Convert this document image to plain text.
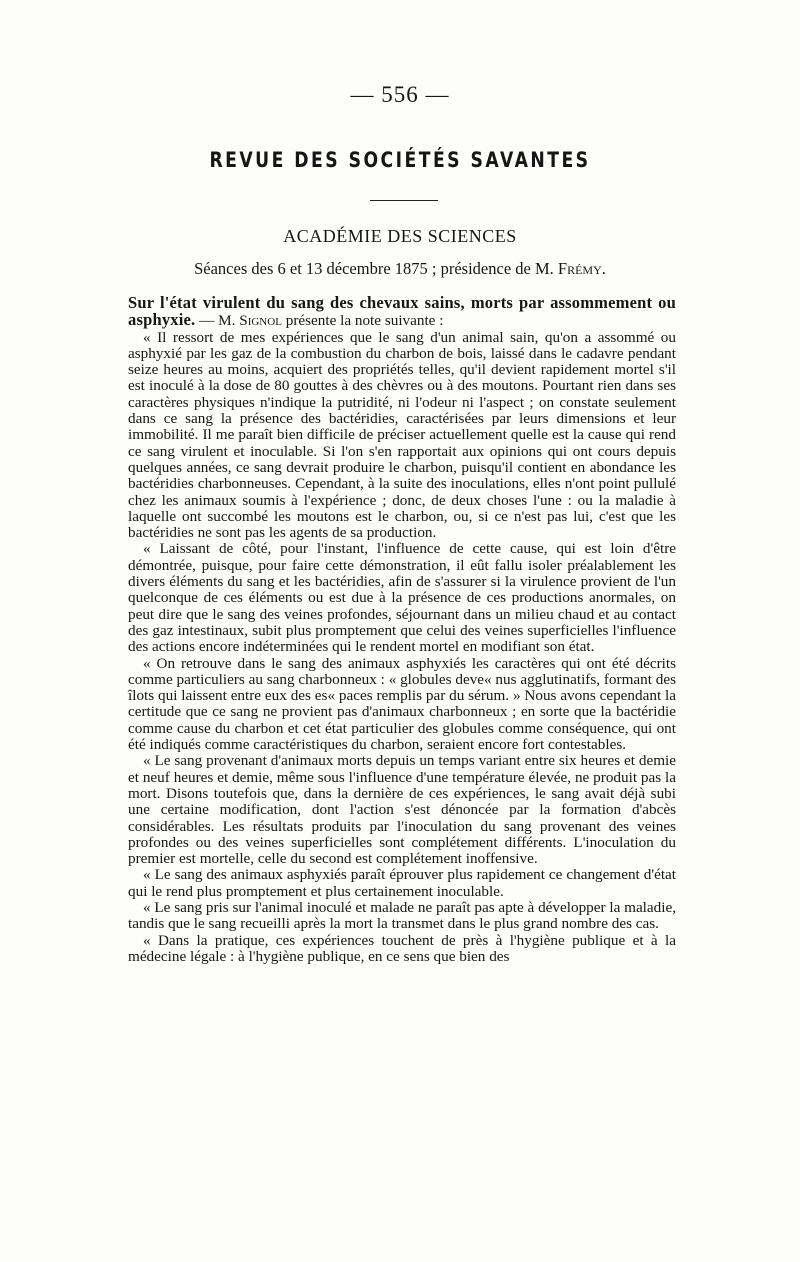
— 556 —
REVUE DES SOCIÉTÉS SAVANTES
ACADÉMIE DES SCIENCES
Séances des 6 et 13 décembre 1875 ; présidence de M. Frémy.

Sur l'état virulent du sang des chevaux sains, morts par assommement ou asphyxie. — M. Signol présente la note suivante :

« Il ressort de mes expériences que le sang d'un animal sain, qu'on a assommé ou asphyxié par les gaz de la combustion du charbon de bois, laissé dans le cadavre pendant seize heures au moins, acquiert des propriétés telles, qu'il devient rapidement mortel s'il est inoculé à la dose de 80 gouttes à des chèvres ou à des moutons. Pourtant rien dans ses caractères physiques n'indique la putridité, ni l'odeur ni l'aspect ; on constate seulement dans ce sang la présence des bactéridies, caractérisées par leurs dimensions et leur immobilité. Il me paraît bien difficile de préciser actuellement quelle est la cause qui rend ce sang virulent et inoculable. Si l'on s'en rapportait aux opinions qui ont cours depuis quelques années, ce sang devrait produire le charbon, puisqu'il contient en abondance les bactéridies charbonneuses. Cependant, à la suite des inoculations, elles n'ont point pullulé chez les animaux soumis à l'expérience ; donc, de deux choses l'une : ou la maladie à laquelle ont succombé les moutons est le charbon, ou, si ce n'est pas lui, c'est que les bactéridies ne sont pas les agents de sa production.

« Laissant de côté, pour l'instant, l'influence de cette cause, qui est loin d'être démontrée, puisque, pour faire cette démonstration, il eût fallu isoler préalablement les divers éléments du sang et les bactéridies, afin de s'assurer si la virulence provient de l'un quelconque de ces éléments ou est due à la présence de ces productions anormales, on peut dire que le sang des veines profondes, séjournant dans un milieu chaud et au contact des gaz intestinaux, subit plus promptement que celui des veines superficielles l'influence des actions encore indéterminées qui le rendent mortel en modifiant son état.

« On retrouve dans le sang des animaux asphyxiés les caractères qui ont été décrits comme particuliers au sang charbonneux : « globules deve« nus agglutinatifs, formant des îlots qui laissent entre eux des es« paces remplis par du sérum. » Nous avons cependant la certitude que ce sang ne provient pas d'animaux charbonneux ; en sorte que la bactéridie comme cause du charbon et cet état particulier des globules comme conséquence, qui ont été indiqués comme caractéristiques du charbon, seraient encore fort contestables.

« Le sang provenant d'animaux morts depuis un temps variant entre six heures et demie et neuf heures et demie, même sous l'influence d'une température élevée, ne produit pas la mort. Disons toutefois que, dans la dernière de ces expériences, le sang avait déjà subi une certaine modification, dont l'action s'est dénoncée par la formation d'abcès considérables. Les résultats produits par l'inoculation du sang provenant des veines profondes ou des veines superficielles sont complétement différents. L'inoculation du premier est mortelle, celle du second est complétement inoffensive.

« Le sang des animaux asphyxiés paraît éprouver plus rapidement ce changement d'état qui le rend plus promptement et plus certainement inoculable.

« Le sang pris sur l'animal inoculé et malade ne paraît pas apte à développer la maladie, tandis que le sang recueilli après la mort la transmet dans le plus grand nombre des cas.

« Dans la pratique, ces expériences touchent de près à l'hygiène publique et à la médecine légale : à l'hygiène publique, en ce sens que bien des
